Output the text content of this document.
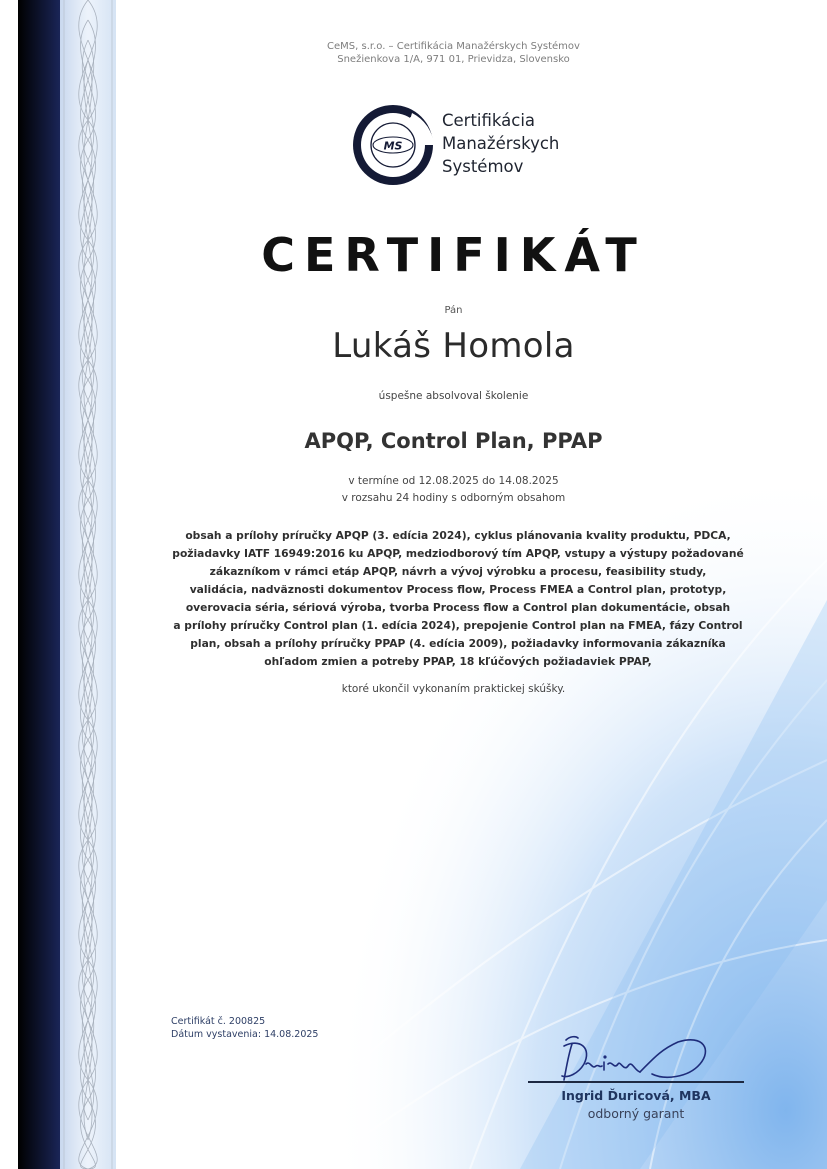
CeMS, s.r.o. – Certifikácia Manažérskych Systémov
Snežienkova 1/A, 971 01, Prievidza, Slovensko
MS
Certifikácia
Manažérskych
Systémov
CERTIFIKÁT
Pán
Lukáš Homola
úspešne absolvoval školenie
APQP, Control Plan, PPAP
v termíne od 12.08.2025 do 14.08.2025
v rozsahu 24 hodiny s odborným obsahom
obsah a prílohy príručky APQP (3. edícia 2024), cyklus plánovania kvality produktu, PDCA,
požiadavky IATF 16949:2016 ku APQP, medziodborový tím APQP, vstupy a výstupy požadované
zákazníkom v rámci etáp APQP, návrh a vývoj výrobku a procesu, feasibility study,
validácia, nadväznosti dokumentov Process flow, Process FMEA a Control plan, prototyp,
overovacia séria, sériová výroba, tvorba Process flow a Control plan dokumentácie, obsah
a prílohy príručky Control plan (1. edícia 2024), prepojenie Control plan na FMEA, fázy Control
plan, obsah a prílohy príručky PPAP (4. edícia 2009), požiadavky informovania zákazníka
ohľadom zmien a potreby PPAP, 18 kľúčových požiadaviek PPAP,
ktoré ukončil vykonaním praktickej skúšky.
Certifikát č. 200825
Dátum vystavenia: 14.08.2025
Ingrid Ďuricová, MBA
odborný garant
